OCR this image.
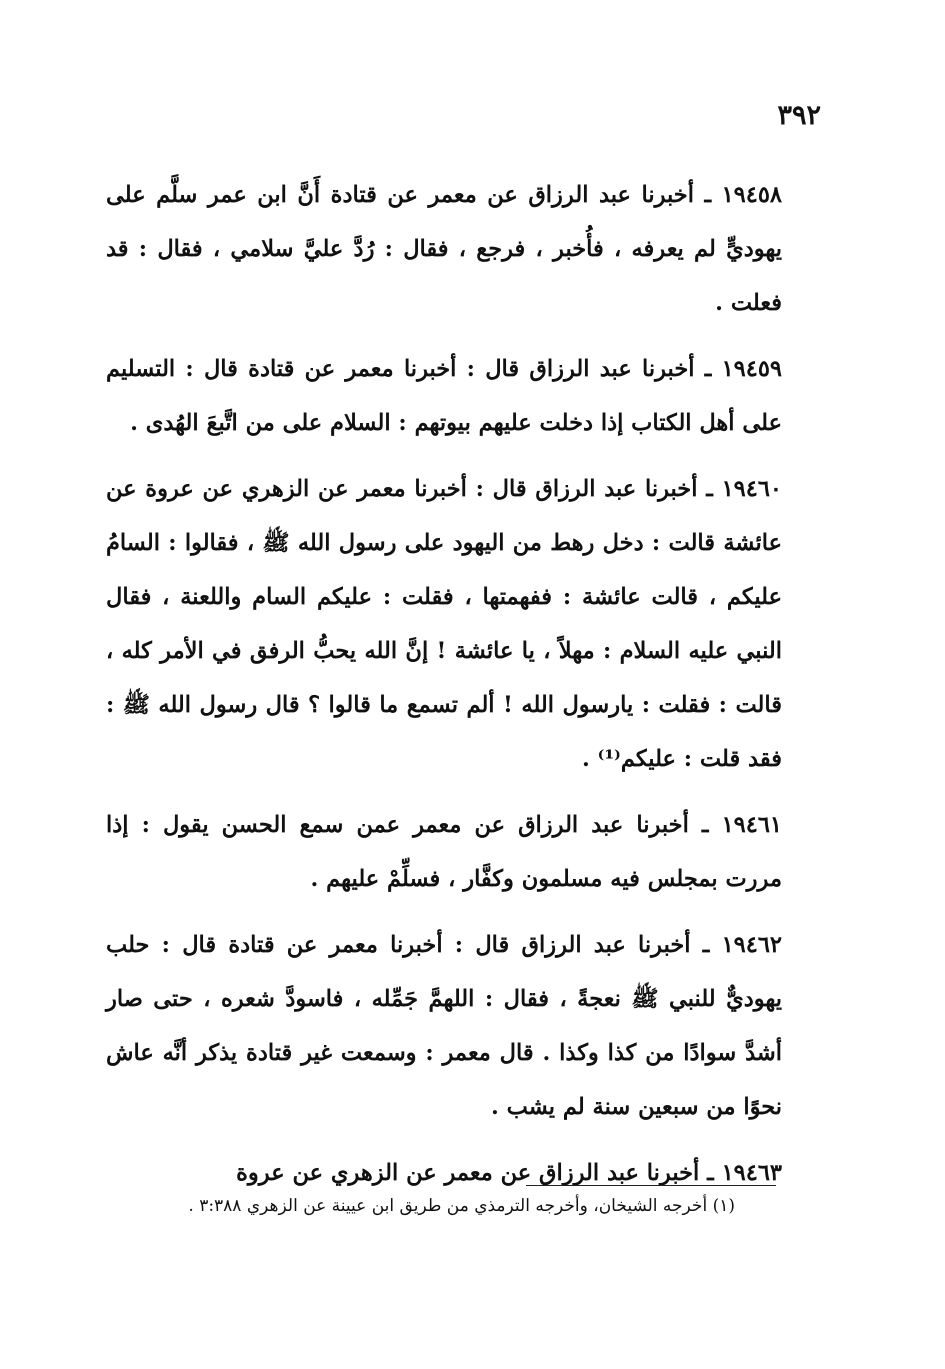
٣٩٢

١٩٤٥٨ ـ أخبرنا عبد الرزاق عن معمر عن قتادة أَنَّ ابن عمر سلَّم على يهوديٍّ لم يعرفه ، فأُخبر ، فرجع ، فقال : رُدَّ عليَّ سلامي ، فقال : قد فعلت .

١٩٤٥٩ ـ أخبرنا عبد الرزاق قال : أخبرنا معمر عن قتادة قال : التسليم على أهل الكتاب إذا دخلت عليهم بيوتهم : السلام على من اتَّبعَ الهُدى .

١٩٤٦٠ ـ أخبرنا عبد الرزاق قال : أخبرنا معمر عن الزهري عن عروة عن عائشة قالت : دخل رهط من اليهود على رسول الله ﷺ ، فقالوا : السامُ عليكم ، قالت عائشة : ففهمتها ، فقلت : عليكم السام واللعنة ، فقال النبي عليه السلام : مهلاً ، يا عائشة ! إنَّ الله يحبُّ الرفق في الأمر كله ، قالت : فقلت : يارسول الله ! ألم تسمع ما قالوا ؟ قال رسول الله ﷺ : فقد قلت : عليكم⁽¹⁾ .

١٩٤٦١ ـ أخبرنا عبد الرزاق عن معمر عمن سمع الحسن يقول : إذا مررت بمجلس فيه مسلمون وكفَّار ، فسلِّمْ عليهم .

١٩٤٦٢ ـ أخبرنا عبد الرزاق قال : أخبرنا معمر عن قتادة قال : حلب يهوديٌّ للنبي ﷺ نعجةً ، فقال : اللهمَّ جَمِّله ، فاسودَّ شعره ، حتى صار أشدَّ سوادًا من كذا وكذا . قال معمر : وسمعت غير قتادة يذكر أنَّه عاش نحوًا من سبعين سنة لم يشب .

١٩٤٦٣ ـ أخبرنا عبد الرزاق عن معمر عن الزهري عن عروة

(١) أخرجه الشيخان، وأخرجه الترمذي من طريق ابن عيينة عن الزهري ٣:٣٨٨ .
